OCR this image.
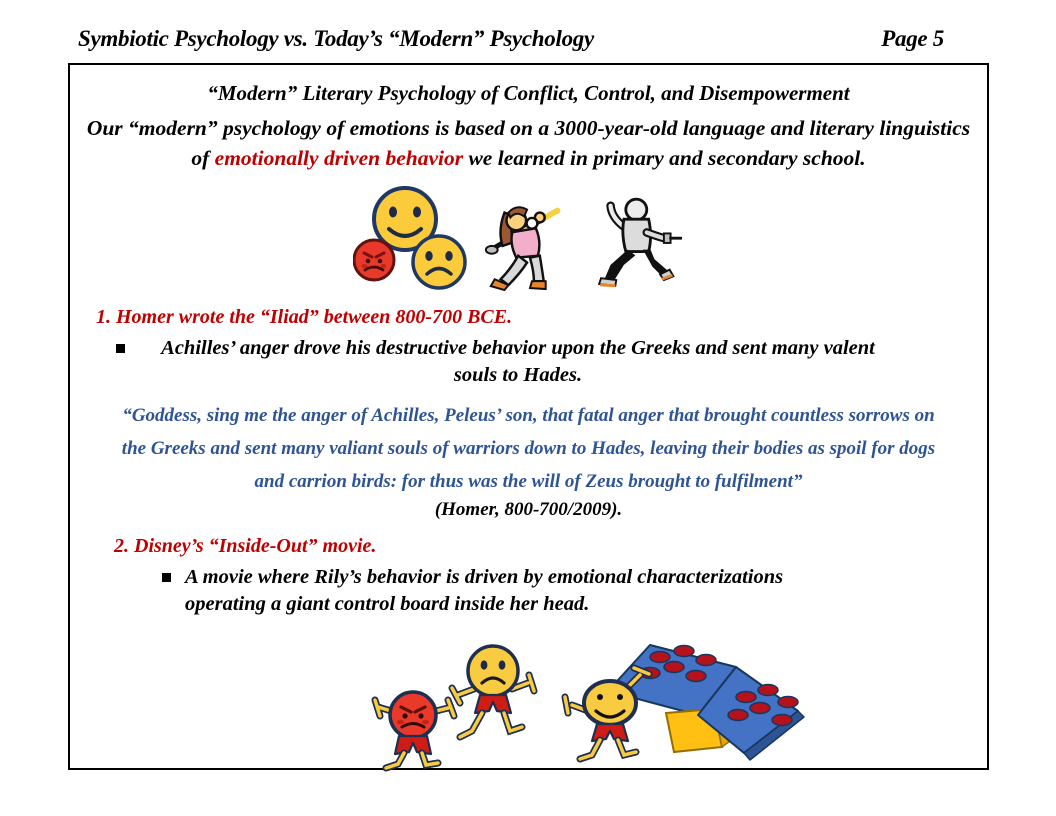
Symbiotic Psychology vs. Today’s “Modern” Psychology	Page 5
“Modern” Literary Psychology of Conflict, Control, and Disempowerment
Our “modern” psychology of emotions is based on a 3000-year-old language and literary linguistics of emotionally driven behavior we learned in primary and secondary school.
1. Homer wrote the “Iliad” between 800-700 BCE.
Achilles’ anger drove his destructive behavior upon the Greeks and sent many valent souls to Hades.
“Goddess, sing me the anger of Achilles, Peleus’ son, that fatal anger that brought countless sorrows on the Greeks and sent many valiant souls of warriors down to Hades, leaving their bodies as spoil for dogs and carrion birds: for thus was the will of Zeus brought to fulfilment”
(Homer, 800-700/2009).
2. Disney’s “Inside-Out” movie.
A movie where Rily’s behavior is driven by emotional characterizations operating a giant control board inside her head.
